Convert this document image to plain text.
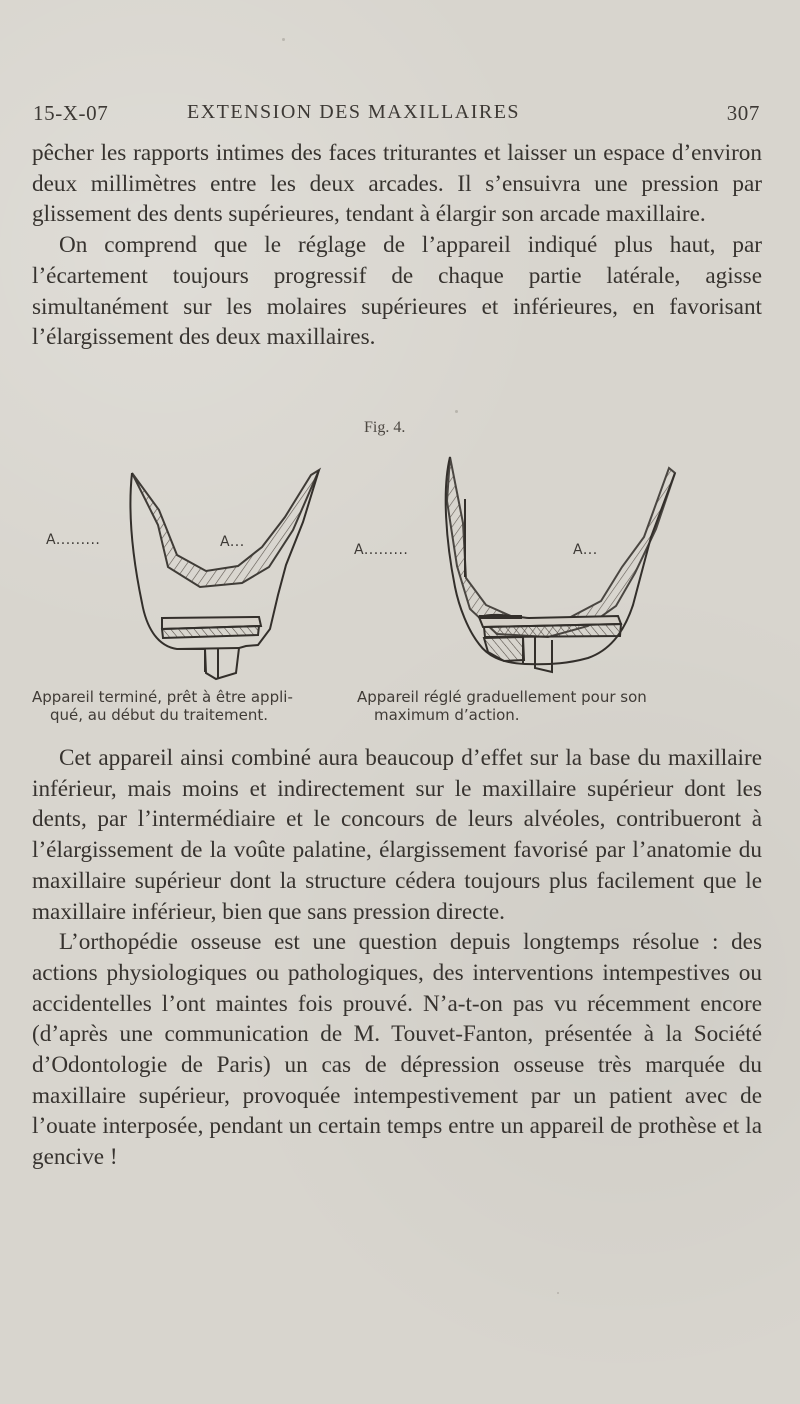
15-X-07	EXTENSION DES MAXILLAIRES	307

pêcher les rapports intimes des faces triturantes et laisser un espace d’environ deux millimètres entre les deux arcades. Il s’ensuivra une pression par glissement des dents supérieures, tendant à élargir son arcade maxillaire.

On comprend que le réglage de l’appareil indiqué plus haut, par l’écartement toujours progressif de chaque partie latérale, agisse simultanément sur les molaires supérieures et inférieures, en favorisant l’élargissement des deux maxillaires.

Fig. 4.
A.........	A...	A.........	A...
Appareil terminé, prêt à être appli-
qué, au début du traitement.
Appareil réglé graduellement pour son
maximum d’action.

Cet appareil ainsi combiné aura beaucoup d’effet sur la base du maxillaire inférieur, mais moins et indirectement sur le maxillaire supérieur dont les dents, par l’intermédiaire et le concours de leurs alvéoles, contribueront à l’élargissement de la voûte palatine, élargissement favorisé par l’anatomie du maxillaire supérieur dont la structure cédera toujours plus facilement que le maxillaire inférieur, bien que sans pression directe.

L’orthopédie osseuse est une question depuis longtemps résolue : des actions physiologiques ou pathologiques, des interventions intempestives ou accidentelles l’ont maintes fois prouvé. N’a-t-on pas vu récemment encore (d’après une communication de M. Touvet-Fanton, présentée à la Société d’Odontologie de Paris) un cas de dépression osseuse très marquée du maxillaire supérieur, provoquée intempestivement par un patient avec de l’ouate interposée, pendant un certain temps entre un appareil de prothèse et la gencive !
